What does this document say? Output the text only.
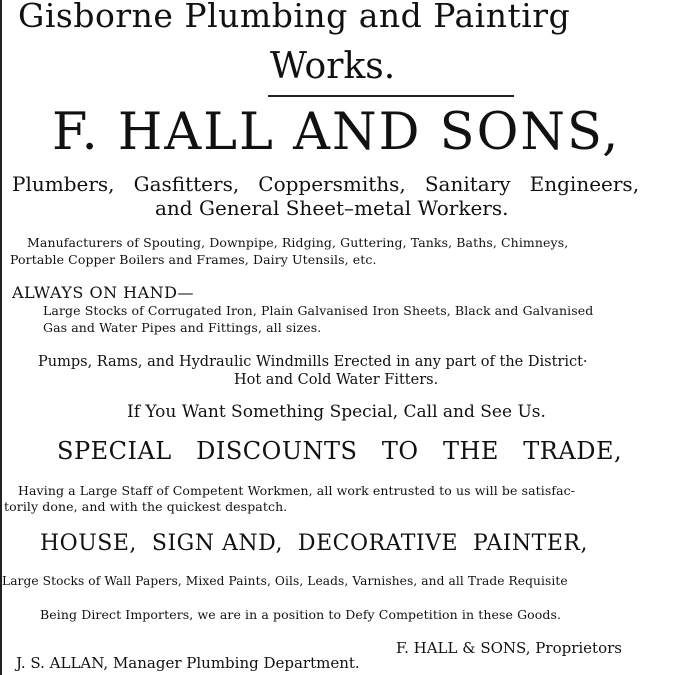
Gisborne Plumbing and Paintirg
Works.
F. HALL AND SONS,
Plumbers,   Gasfitters,   Coppersmiths,   Sanitary   Engineers,
and General Sheet–metal Workers.
Manufacturers of Spouting, Downpipe, Ridging, Guttering, Tanks, Baths, Chimneys,
Portable Copper Boilers and Frames, Dairy Utensils, etc.
ALWAYS ON HAND—
Large Stocks of Corrugated Iron, Plain Galvanised Iron Sheets, Black and Galvanised
Gas and Water Pipes and Fittings, all sizes.
Pumps, Rams, and Hydraulic Windmills Erected in any part of the District·
Hot and Cold Water Fitters.
If You Want Something Special, Call and See Us.
SPECIAL   DISCOUNTS   TO   THE   TRADE,
Having a Large Staff of Competent Workmen, all work entrusted to us will be satisfac-
torily done, and with the quickest despatch.
HOUSE,  SIGN AND,  DECORATIVE  PAINTER,
Large Stocks of Wall Papers, Mixed Paints, Oils, Leads, Varnishes, and all Trade Requisite
Being Direct Importers, we are in a position to Defy Competition in these Goods.
F. HALL & SONS, Proprietors
J. S. ALLAN, Manager Plumbing Department.
